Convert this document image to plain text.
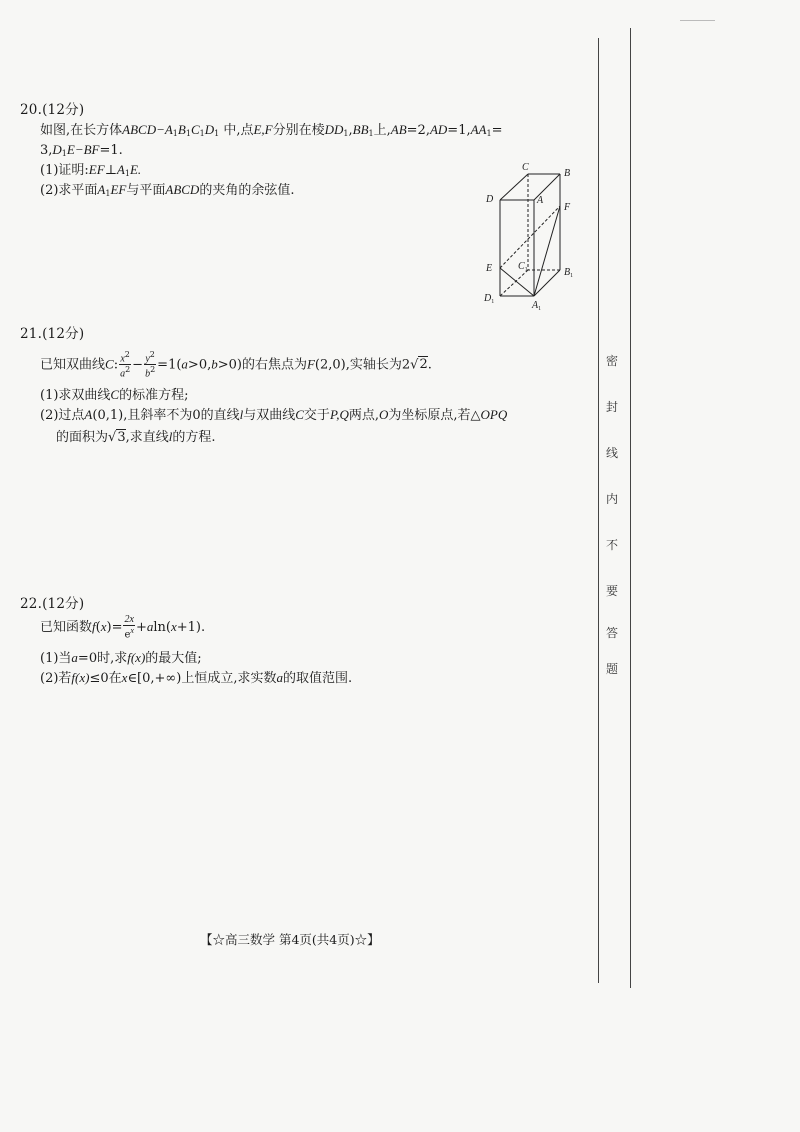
20.(12分)
如图,在长方体$ABCD-A_1B_1C_1D_1$ 中,点E,F分别在棱$DD_1,BB_1$上$,AB=2,AD=1,AA_1=$
$3,D_1E-BF=1$.
(1)证明$:EF\perp A_1E$.
(2)求平面$A_1EF$与平面ABCD的夹角的余弦值.
C
B
D	A
F
E	$C_1$	$B_1$
$D_1$	$A_1$
21.(12分)
已知双曲线C: $\frac{x^2}{a^2} - \frac{y^2}{b^2} =1(a>0,b>0)$的右焦点为F(2,0),实轴长为2√2.
(1)求双曲线C的标准方程;
(2)过点A(0,1),且斜率不为0的直线l与双曲线C交于P,Q两点,O为坐标原点,若△OPQ
的面积为√3,求直线l的方程.
22.(12分)
已知函数$f(x)= \frac{2x}{e^x} +aln(x+1)$.
(1)当a=0时,求f(x)的最大值;
(2)若f(x)≤0在x∈[0,+∞)上恒成立,求实数a的取值范围.
【☆高三数学 第4页(共4页)☆】
密
封
线
内
不
要
答
题
